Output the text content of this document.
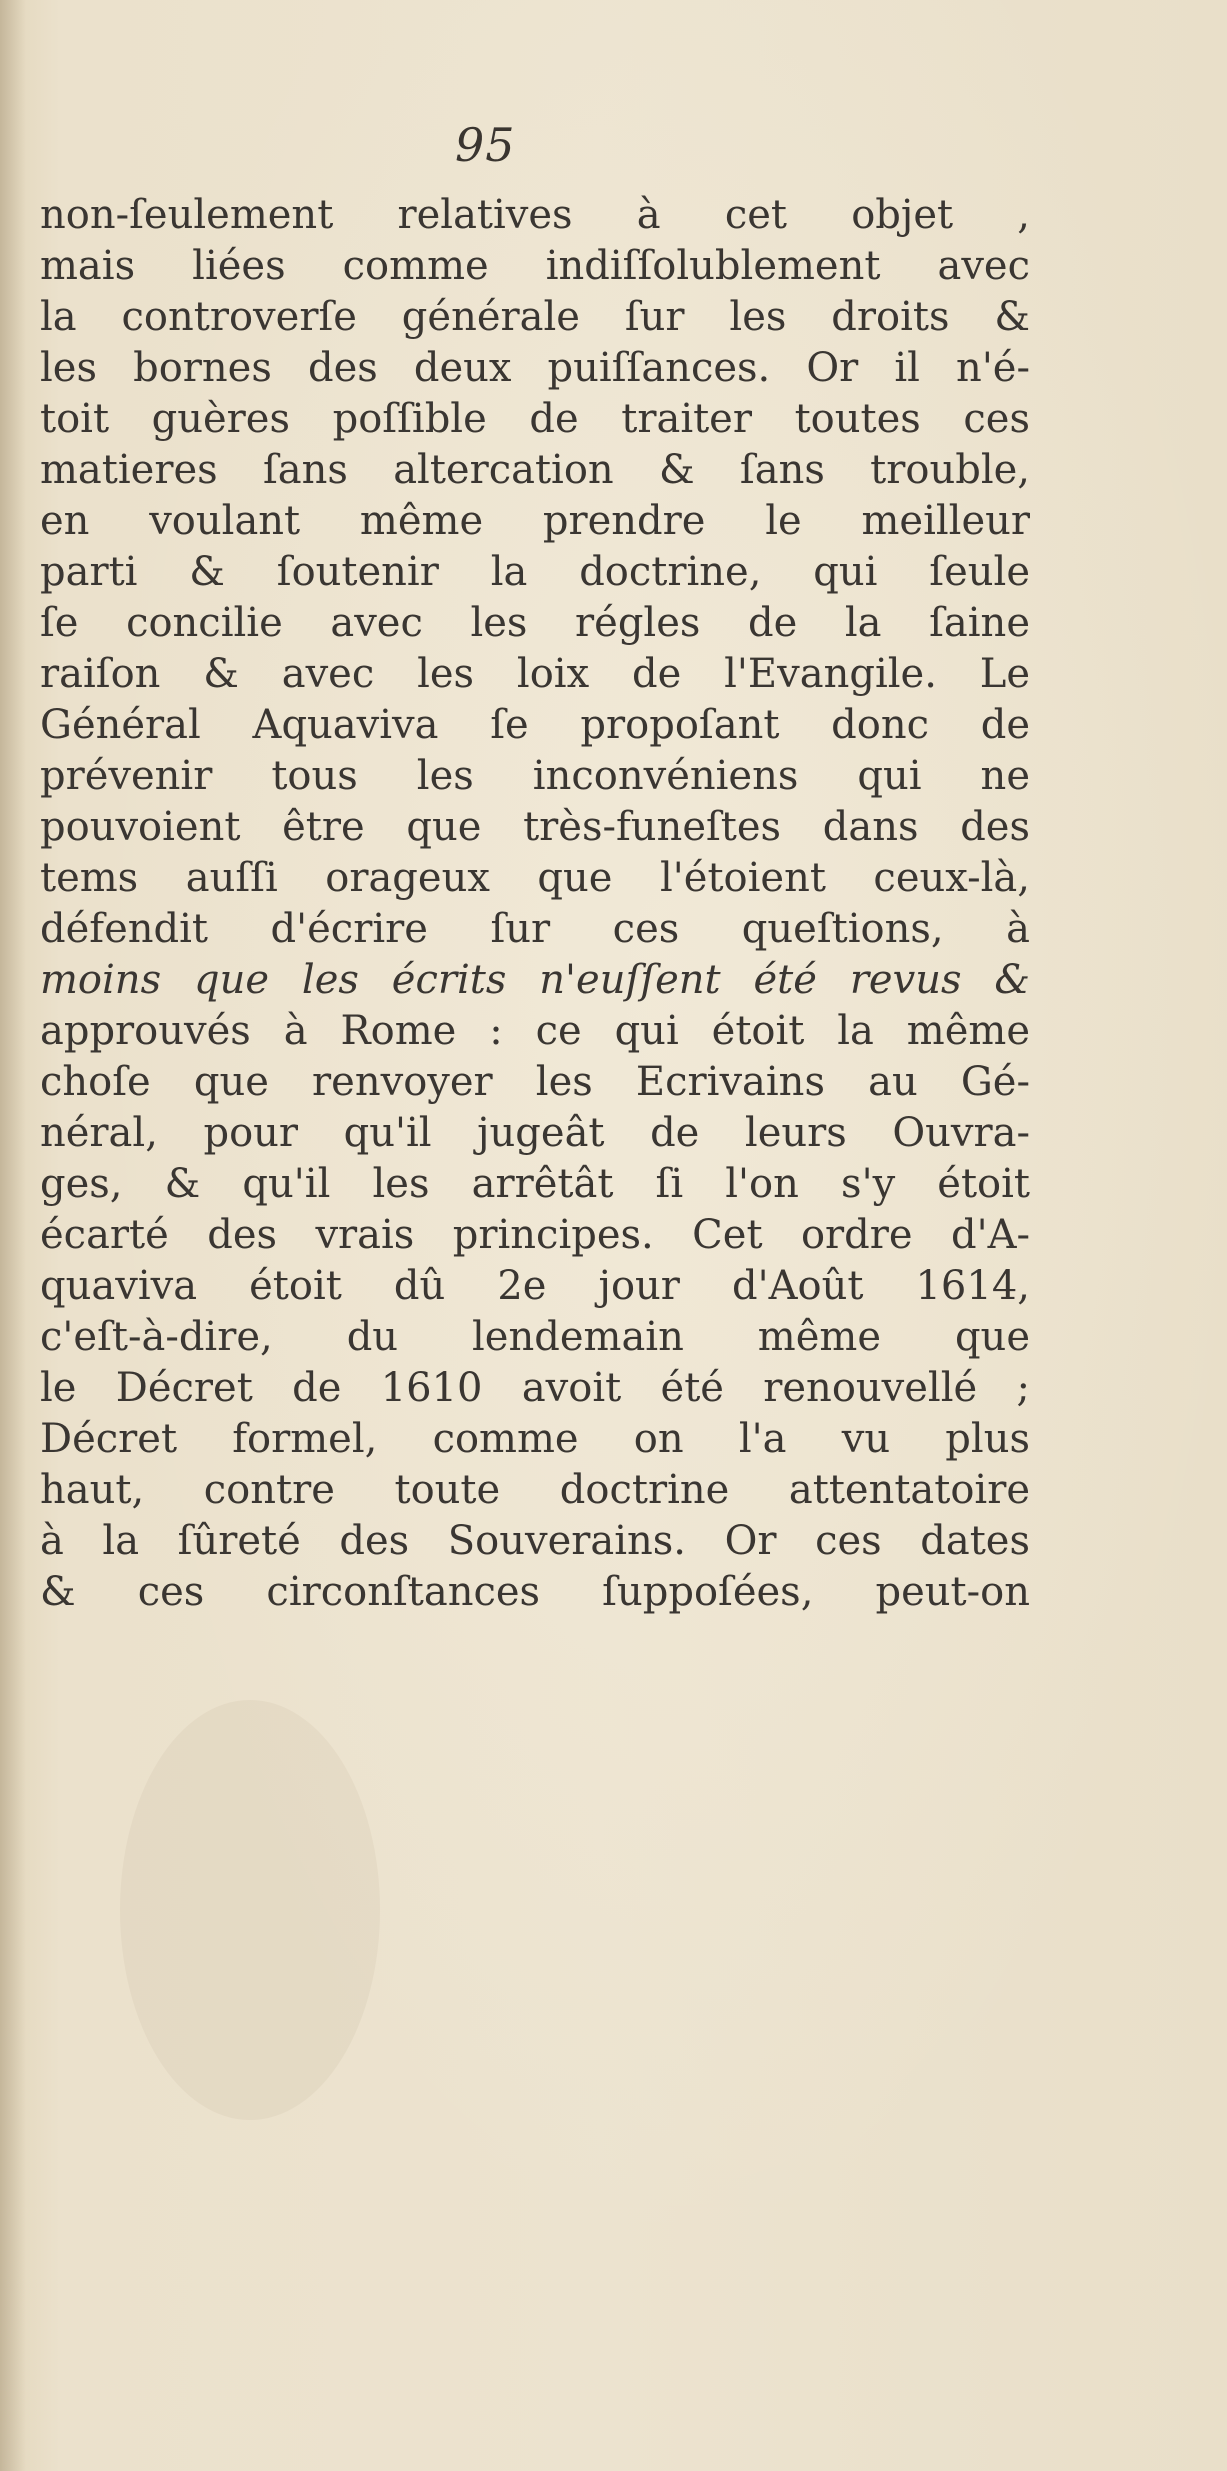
95
non-ſeulement relatives à cet objet ,
mais liées comme indiſſolublement avec
la controverſe générale ſur les droits &
les bornes des deux puiſſances. Or il n'é-
toit guères poſſible de traiter toutes ces
matieres ſans altercation & ſans trouble,
en voulant même prendre le meilleur
parti & ſoutenir la doctrine, qui ſeule
ſe concilie avec les régles de la ſaine
raiſon & avec les loix de l'Evangile. Le
Général Aquaviva ſe propoſant donc de
prévenir tous les inconvéniens qui ne
pouvoient être que très-funeſtes dans des
tems auſſi orageux que l'étoient ceux-là,
défendit d'écrire ſur ces queſtions, à
moins que les écrits n'euſſent été revus &
approuvés à Rome : ce qui étoit la même
choſe que renvoyer les Ecrivains au Gé-
néral, pour qu'il jugeât de leurs Ouvra-
ges, & qu'il les arrêtât ſi l'on s'y étoit
écarté des vrais principes. Cet ordre d'A-
quaviva étoit dû 2e jour d'Août 1614,
c'eſt-à-dire, du lendemain même que
le Décret de 1610 avoit été renouvellé ;
Décret formel, comme on l'a vu plus
haut, contre toute doctrine attentatoire
à la ſûreté des Souverains. Or ces dates
& ces circonſtances ſuppoſées, peut-on
